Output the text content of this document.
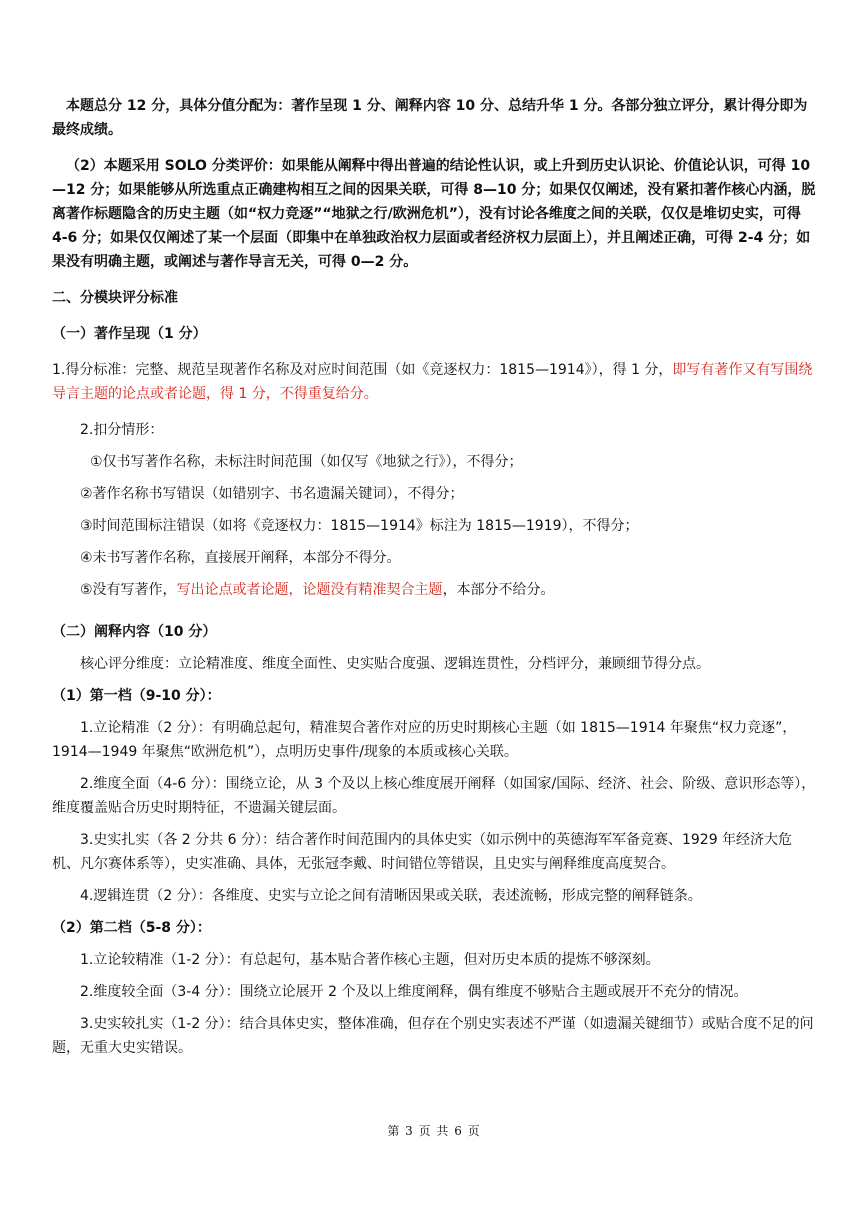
本题总分 12 分，具体分值分配为：著作呈现 1 分、阐释内容 10 分、总结升华 1 分。各部分独立评分，累计得分即为最终成绩。

（2）本题采用 SOLO 分类评价：如果能从阐释中得出普遍的结论性认识，或上升到历史认识论、价值论认识，可得 10—12 分；如果能够从所选重点正确建构相互之间的因果关联，可得 8—10 分；如果仅仅阐述，没有紧扣著作核心内涵，脱离著作标题隐含的历史主题（如“权力竞逐”“地狱之行/欧洲危机”），没有讨论各维度之间的关联，仅仅是堆切史实，可得 4-6 分；如果仅仅阐述了某一个层面（即集中在单独政治权力层面或者经济权力层面上），并且阐述正确，可得 2-4 分；如果没有明确主题，或阐述与著作导言无关，可得 0—2 分。

二、分模块评分标准

（一）著作呈现（1 分）

1.得分标准：完整、规范呈现著作名称及对应时间范围（如《竞逐权力：1815—1914》），得 1 分，即写有著作又有写围绕导言主题的论点或者论题，得 1 分，不得重复给分。

2.扣分情形：

①仅书写著作名称，未标注时间范围（如仅写《地狱之行》），不得分；

②著作名称书写错误（如错别字、书名遗漏关键词），不得分；

③时间范围标注错误（如将《竞逐权力：1815—1914》标注为 1815—1919），不得分；

④未书写著作名称，直接展开阐释，本部分不得分。

⑤没有写著作，写出论点或者论题，论题没有精准契合主题，本部分不给分。

（二）阐释内容（10 分）

核心评分维度：立论精准度、维度全面性、史实贴合度强、逻辑连贯性，分档评分，兼顾细节得分点。

（1）第一档（9-10 分）：

1.立论精准（2 分）：有明确总起句，精准契合著作对应的历史时期核心主题（如 1815—1914 年聚焦“权力竞逐”，1914—1949 年聚焦“欧洲危机”），点明历史事件/现象的本质或核心关联。

2.维度全面（4-6 分）：围绕立论，从 3 个及以上核心维度展开阐释（如国家/国际、经济、社会、阶级、意识形态等），维度覆盖贴合历史时期特征，不遗漏关键层面。

3.史实扎实（各 2 分共 6 分）：结合著作时间范围内的具体史实（如示例中的英德海军军备竞赛、1929 年经济大危机、凡尔赛体系等），史实准确、具体，无张冠李戴、时间错位等错误，且史实与阐释维度高度契合。

4.逻辑连贯（2 分）：各维度、史实与立论之间有清晰因果或关联，表述流畅，形成完整的阐释链条。

（2）第二档（5-8 分）：

1.立论较精准（1-2 分）：有总起句，基本贴合著作核心主题，但对历史本质的提炼不够深刻。

2.维度较全面（3-4 分）：围绕立论展开 2 个及以上维度阐释，偶有维度不够贴合主题或展开不充分的情况。

3.史实较扎实（1-2 分）：结合具体史实，整体准确，但存在个别史实表述不严谨（如遗漏关键细节）或贴合度不足的问题，无重大史实错误。

第 3 页 共 6 页
